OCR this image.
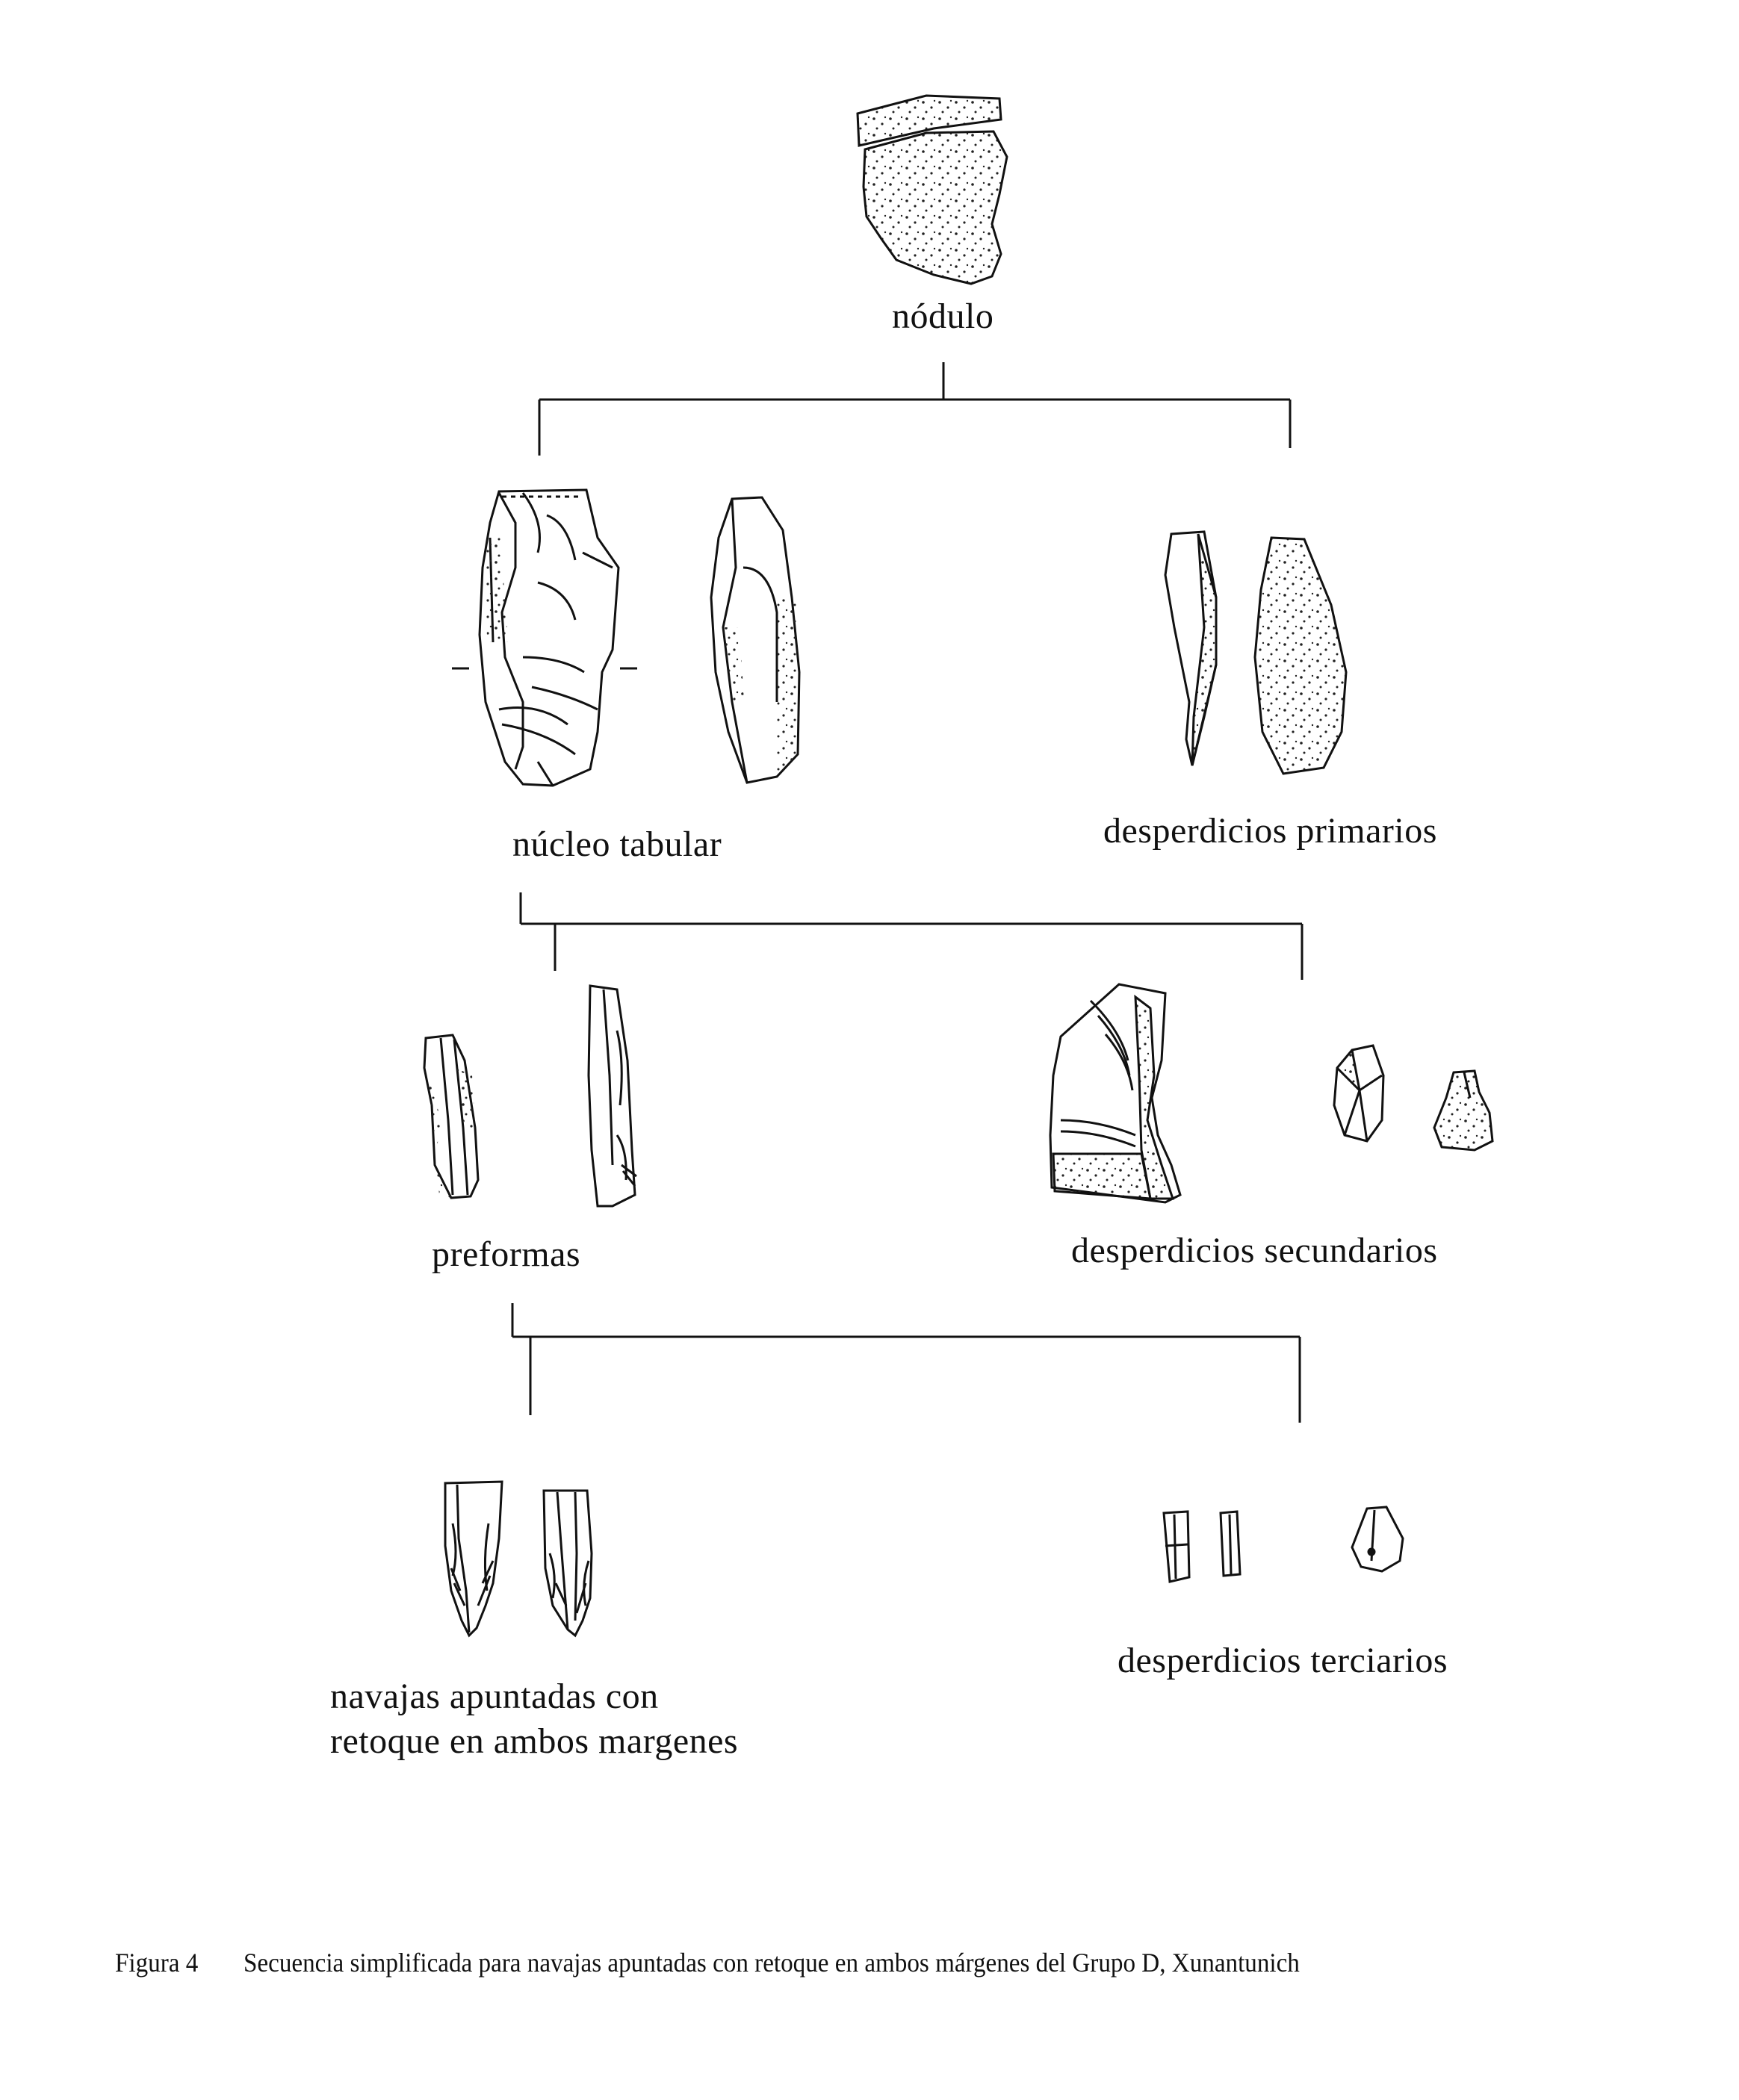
nódulo
núcleo tabular	desperdicios primarios
preformas	desperdicios secundarios
navajas apuntadas con
retoque en ambos margenes
desperdicios terciarios
Figura 4 Secuencia simplificada para navajas apuntadas con retoque en ambos márgenes del Grupo D, Xunantunich
